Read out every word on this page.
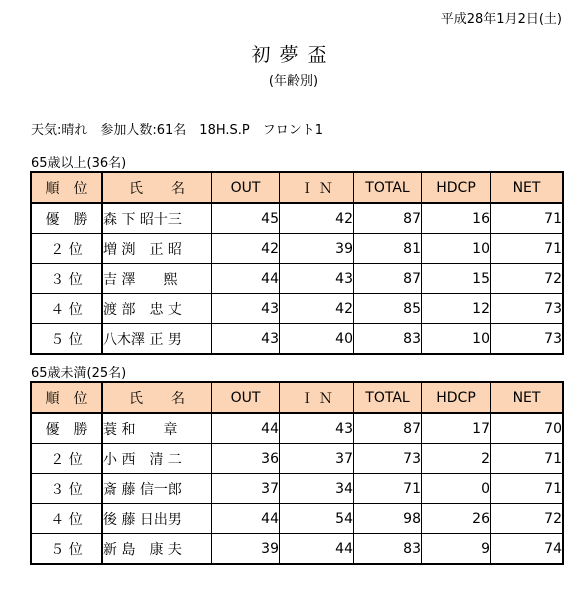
平成28年1月2日(土)
初夢盃
(年齢別)
天気:晴れ　参加人数:61名　18H.S.P　フロント1
65歳以上(36名)
順　位	氏　　名	OUT	Ｉ Ｎ	TOTAL	HDCP	NET
優　勝	森 下 昭十三	45	42	87	16	71
２ 位	増 渕　正 昭	42	39	81	10	71
３ 位	吉 澤　　熙	44	43	87	15	72
４ 位	渡 部　忠 丈	43	42	85	12	73
５ 位	八木澤 正 男	43	40	83	10	73
65歳未満(25名)
順　位	氏　　名	OUT	Ｉ Ｎ	TOTAL	HDCP	NET
優　勝	蓑 和　　章	44	43	87	17	70
２ 位	小 西　清 二	36	37	73	2	71
３ 位	斎 藤 信一郎	37	34	71	0	71
４ 位	後 藤 日出男	44	54	98	26	72
５ 位	新 島　康 夫	39	44	83	9	74
